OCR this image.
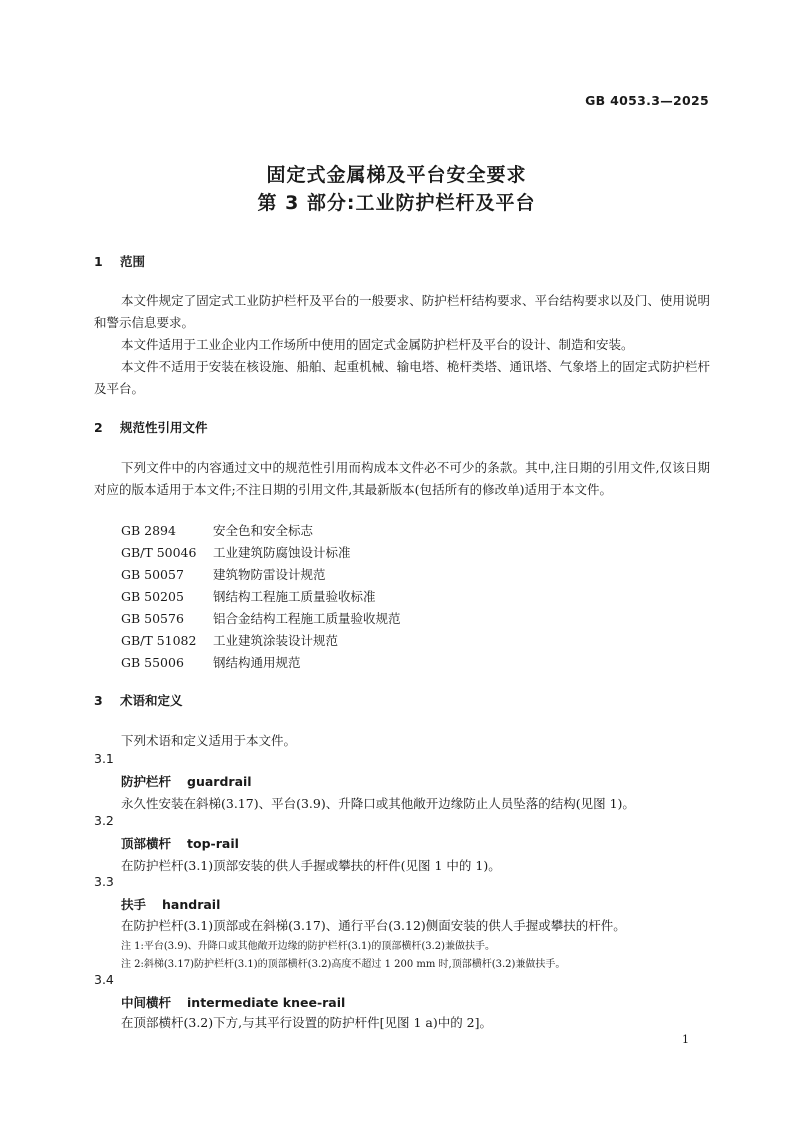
GB 4053.3—2025
固定式金属梯及平台安全要求
第 3 部分:工业防护栏杆及平台
1 范围
本文件规定了固定式工业防护栏杆及平台的一般要求、防护栏杆结构要求、平台结构要求以及门、使用说明和警示信息要求。
本文件适用于工业企业内工作场所中使用的固定式金属防护栏杆及平台的设计、制造和安装。
本文件不适用于安装在核设施、船舶、起重机械、输电塔、桅杆类塔、通讯塔、气象塔上的固定式防护栏杆及平台。
2 规范性引用文件
下列文件中的内容通过文中的规范性引用而构成本文件必不可少的条款。其中,注日期的引用文件,仅该日期对应的版本适用于本文件;不注日期的引用文件,其最新版本(包括所有的修改单)适用于本文件。
GB 2894	安全色和安全标志
GB/T 50046 工业建筑防腐蚀设计标准
GB 50057 建筑物防雷设计规范
GB 50205 钢结构工程施工质量验收标准
GB 50576 铝合金结构工程施工质量验收规范
GB/T 51082 工业建筑涂装设计规范
GB 55006 钢结构通用规范
3 术语和定义
下列术语和定义适用于本文件。
3.1
防护栏杆 guardrail
永久性安装在斜梯(3.17)、平台(3.9)、升降口或其他敞开边缘防止人员坠落的结构(见图 1)。
3.2
顶部横杆 top-rail
在防护栏杆(3.1)顶部安装的供人手握或攀扶的杆件(见图 1 中的 1)。
3.3
扶手 handrail
在防护栏杆(3.1)顶部或在斜梯(3.17)、通行平台(3.12)侧面安装的供人手握或攀扶的杆件。
注 1:平台(3.9)、升降口或其他敞开边缘的防护栏杆(3.1)的顶部横杆(3.2)兼做扶手。
注 2:斜梯(3.17)防护栏杆(3.1)的顶部横杆(3.2)高度不超过 1 200 mm 时,顶部横杆(3.2)兼做扶手。
3.4
中间横杆 intermediate knee-rail
在顶部横杆(3.2)下方,与其平行设置的防护杆件[见图 1 a)中的 2]。
1
